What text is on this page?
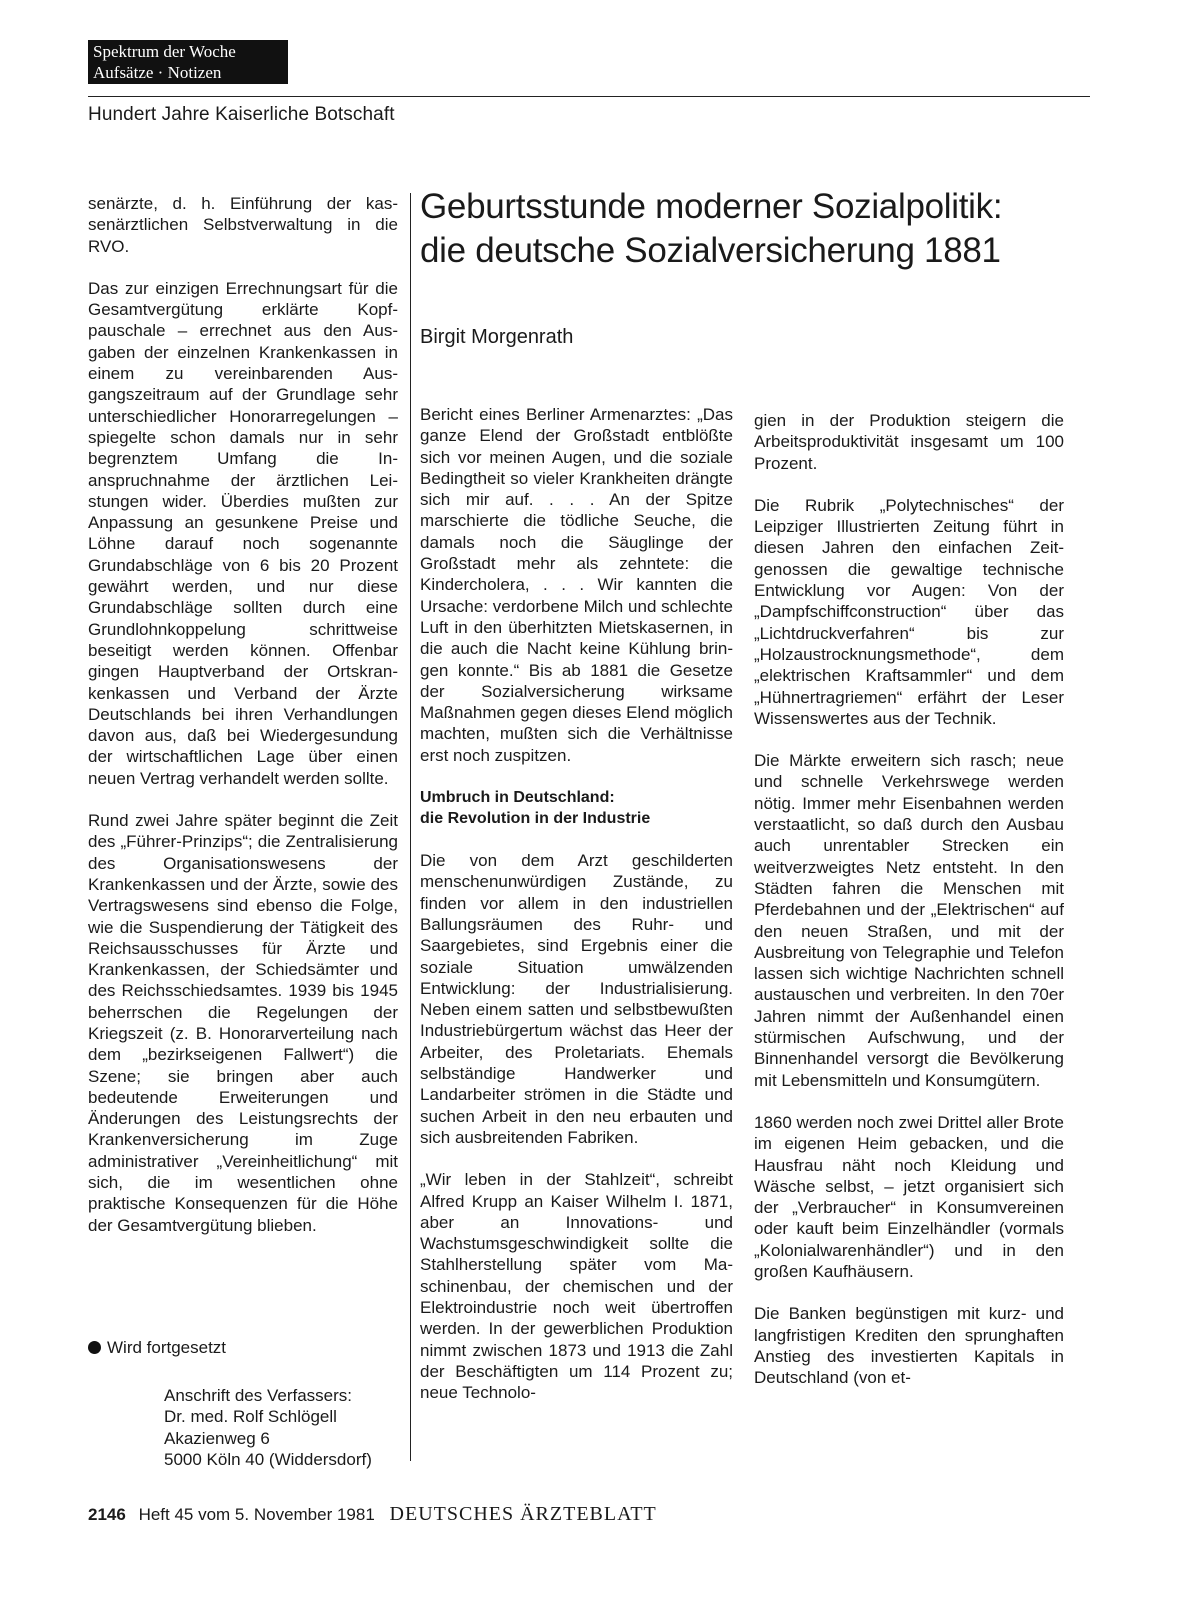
Spektrum der Woche
Aufsätze · Notizen
Hundert Jahre Kaiserliche Botschaft

senärzte, d. h. Einführung der kassenärztlichen Selbstverwaltung in die RVO.

Das zur einzigen Errechnungsart für die Gesamtvergütung erklärte Kopfpauschale – errechnet aus den Ausgaben der einzelnen Krankenkassen in einem zu vereinbarenden Ausgangszeitraum auf der Grundlage sehr unterschiedlicher Honorarregelungen – spiegelte schon damals nur in sehr begrenztem Umfang die Inanspruchnahme der ärztlichen Leistungen wider. Überdies mußten zur Anpassung an gesunkene Preise und Löhne darauf noch sogenannte Grundabschläge von 6 bis 20 Prozent gewährt werden, und nur diese Grundabschläge sollten durch eine Grundlohnkoppelung schrittweise beseitigt werden können. Offenbar gingen Hauptverband der Ortskrankenkassen und Verband der Ärzte Deutschlands bei ihren Verhandlungen davon aus, daß bei Wiedergesundung der wirtschaftlichen Lage über einen neuen Vertrag verhandelt werden sollte.

Rund zwei Jahre später beginnt die Zeit des „Führer-Prinzips“; die Zentralisierung des Organisationswesens der Krankenkassen und der Ärzte, sowie des Vertragswesens sind ebenso die Folge, wie die Suspendierung der Tätigkeit des Reichsausschusses für Ärzte und Krankenkassen, der Schiedsämter und des Reichsschiedsamtes. 1939 bis 1945 beherrschen die Regelungen der Kriegszeit (z. B. Honorarverteilung nach dem „bezirkseigenen Fallwert“) die Szene; sie bringen aber auch bedeutende Erweiterungen und Änderungen des Leistungsrechts der Krankenversicherung im Zuge administrativer „Vereinheitlichung“ mit sich, die im wesentlichen ohne praktische Konsequenzen für die Höhe der Gesamtvergütung blieben.

Wird fortgesetzt
Anschrift des Verfassers:
Dr. med. Rolf Schlögell
Akazienweg 6
5000 Köln 40 (Widdersdorf)
Geburtsstunde moderner Sozialpolitik:
die deutsche Sozialversicherung 1881
Birgit Morgenrath

Bericht eines Berliner Armenarztes: „Das ganze Elend der Großstadt entblößte sich vor meinen Augen, und die soziale Bedingtheit so vieler Krankheiten drängte sich mir auf. . . . An der Spitze marschierte die tödliche Seuche, die damals noch die Säuglinge der Großstadt mehr als zehntete: die Kindercholera, . . . Wir kannten die Ursache: verdorbene Milch und schlechte Luft in den überhitzten Mietskasernen, in die auch die Nacht keine Kühlung bringen konnte.“ Bis ab 1881 die Gesetze der Sozialversicherung wirksame Maßnahmen gegen dieses Elend möglich machten, mußten sich die Verhältnisse erst noch zuspitzen.

Umbruch in Deutschland:
die Revolution in der Industrie

Die von dem Arzt geschilderten menschenunwürdigen Zustände, zu finden vor allem in den industriellen Ballungsräumen des Ruhr- und Saargebietes, sind Ergebnis einer die soziale Situation umwälzenden Entwicklung: der Industrialisierung. Neben einem satten und selbstbewußten Industriebürgertum wächst das Heer der Arbeiter, des Proletariats. Ehemals selbständige Handwerker und Landarbeiter strömen in die Städte und suchen Arbeit in den neu erbauten und sich ausbreitenden Fabriken.

„Wir leben in der Stahlzeit“, schreibt Alfred Krupp an Kaiser Wilhelm I. 1871, aber an Innovations- und Wachstumsgeschwindigkeit sollte die Stahlherstellung später vom Maschinenbau, der chemischen und der Elektroindustrie noch weit übertroffen werden. In der gewerblichen Produktion nimmt zwischen 1873 und 1913 die Zahl der Beschäftigten um 114 Prozent zu; neue Technolo-

gien in der Produktion steigern die Arbeitsproduktivität insgesamt um 100 Prozent.

Die Rubrik „Polytechnisches“ der Leipziger Illustrierten Zeitung führt in diesen Jahren den einfachen Zeitgenossen die gewaltige technische Entwicklung vor Augen: Von der „Dampfschiffconstruction“ über das „Lichtdruckverfahren“ bis zur „Holzaustrocknungsmethode“, dem „elektrischen Kraftsammler“ und dem „Hühnertragriemen“ erfährt der Leser Wissenswertes aus der Technik.

Die Märkte erweitern sich rasch; neue und schnelle Verkehrswege werden nötig. Immer mehr Eisenbahnen werden verstaatlicht, so daß durch den Ausbau auch unrentabler Strecken ein weitverzweigtes Netz entsteht. In den Städten fahren die Menschen mit Pferdebahnen und der „Elektrischen“ auf den neuen Straßen, und mit der Ausbreitung von Telegraphie und Telefon lassen sich wichtige Nachrichten schnell austauschen und verbreiten. In den 70er Jahren nimmt der Außenhandel einen stürmischen Aufschwung, und der Binnenhandel versorgt die Bevölkerung mit Lebensmitteln und Konsumgütern.

1860 werden noch zwei Drittel aller Brote im eigenen Heim gebacken, und die Hausfrau näht noch Kleidung und Wäsche selbst, – jetzt organisiert sich der „Verbraucher“ in Konsumvereinen oder kauft beim Einzelhändler (vormals „Kolonialwarenhändler“) und in den großen Kaufhäusern.

Die Banken begünstigen mit kurz- und langfristigen Krediten den sprunghaften Anstieg des investierten Kapitals in Deutschland (von et-

2146 Heft 45 vom 5. November 1981 DEUTSCHES ÄRZTEBLATT
